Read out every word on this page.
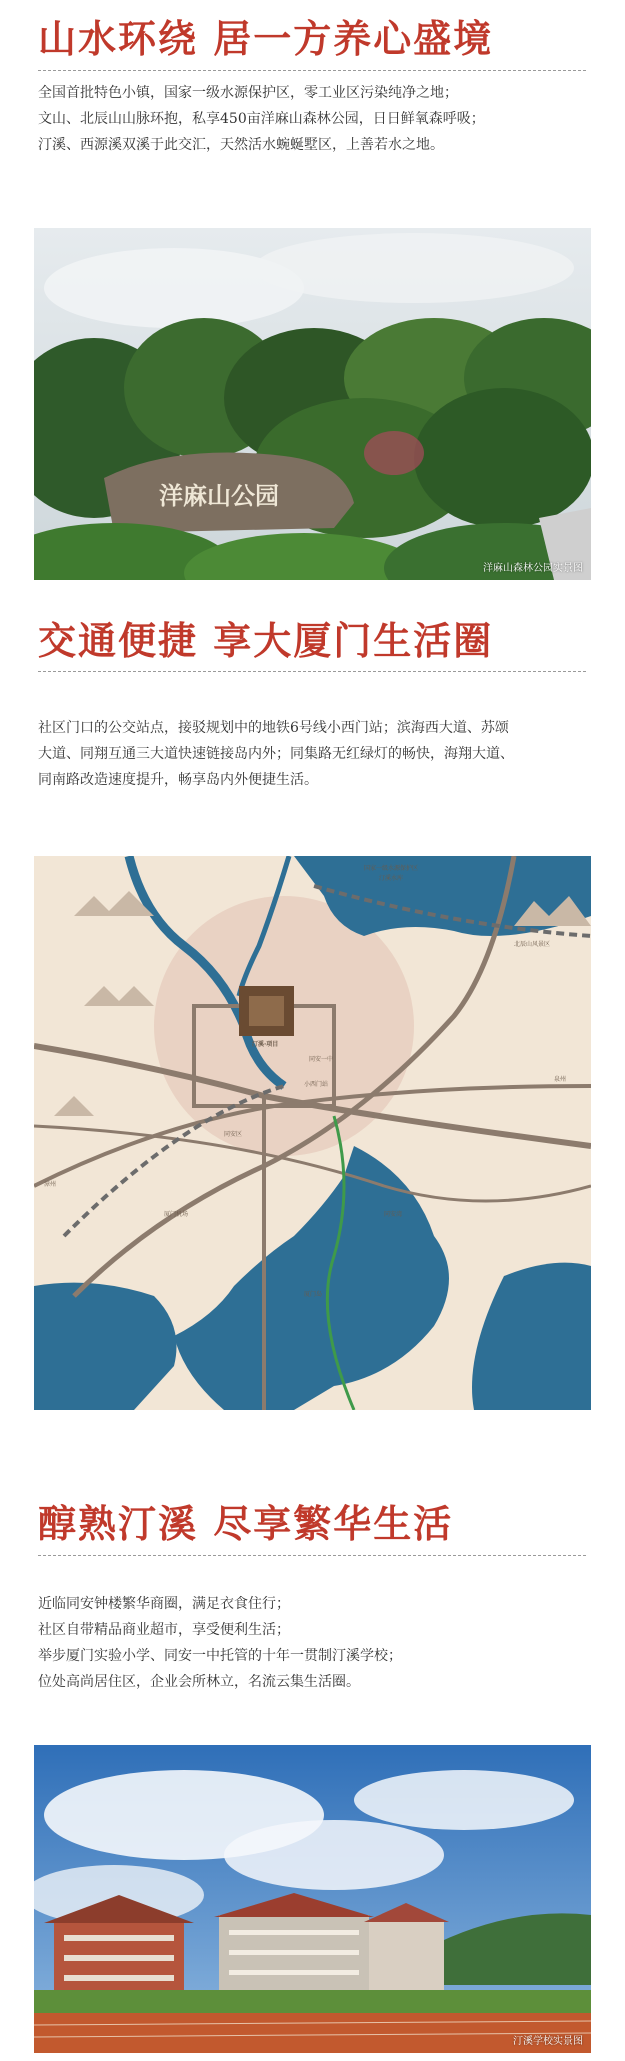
山水环绕 居一方养心盛境

全国首批特色小镇，国家一级水源保护区，零工业区污染纯净之地；

文山、北辰山山脉环抱，私享450亩洋麻山森林公园，日日鲜氧森呼吸；

汀溪、西源溪双溪于此交汇，天然活水蜿蜒墅区，上善若水之地。

洋麻山公园
洋麻山森林公园实景图
交通便捷 享大厦门生活圈

社区门口的公交站点，接驳规划中的地铁6号线小西门站；滨海西大道、苏颂

大道、同翔互通三大道快速链接岛内外；同集路无红绿灯的畅快，海翔大道、

同南路改造速度提升，畅享岛内外便捷生活。

国家一级水源保护区
汀溪水库
汀溪·项目
同安区
厦门岛
同安湾
厦门机场
北辰山风景区
泉州
漳州
同安一中
小西门站
醇熟汀溪 尽享繁华生活

近临同安钟楼繁华商圈，满足衣食住行；

社区自带精品商业超市，享受便利生活；

举步厦门实验小学、同安一中托管的十年一贯制汀溪学校；

位处高尚居住区，企业会所林立，名流云集生活圈。

汀溪学校实景图
